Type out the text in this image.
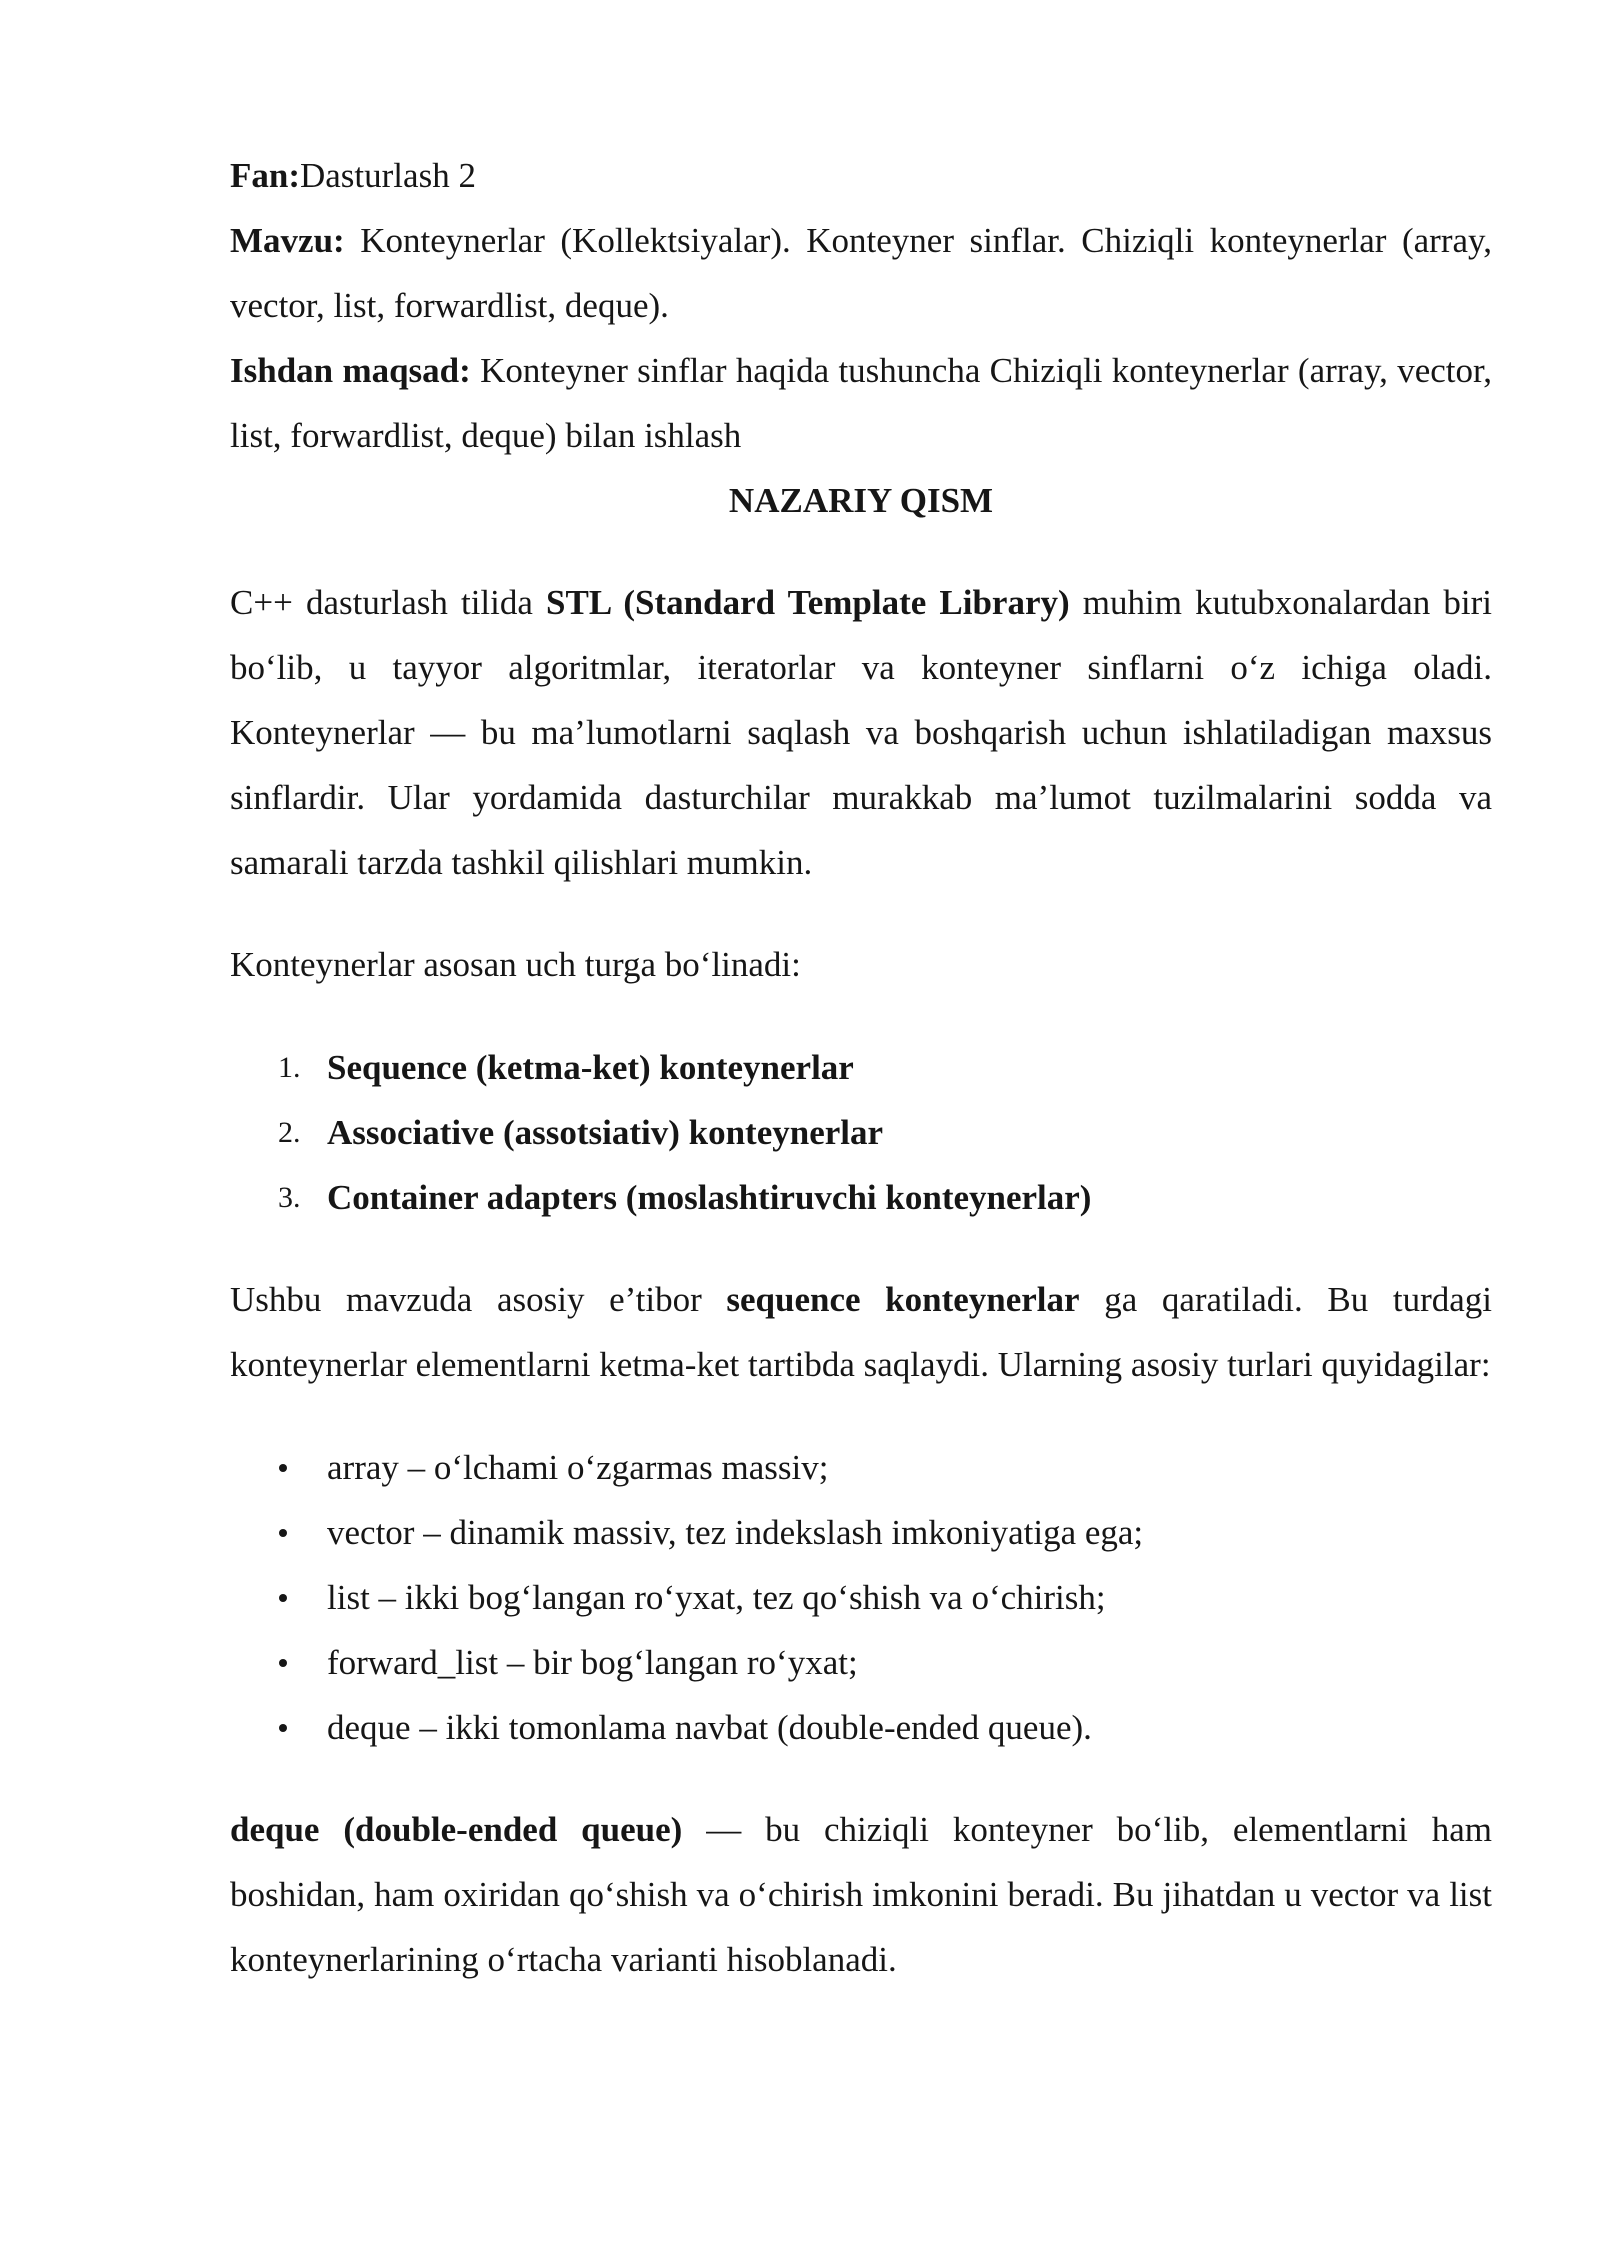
Fan:Dasturlash 2

Mavzu: Konteynerlar (Kollektsiyalar). Konteyner sinflar. Chiziqli konteynerlar (array, vector, list, forwardlist, deque).

Ishdan maqsad: Konteyner sinflar haqida tushuncha Chiziqli konteynerlar (array, vector, list, forwardlist, deque) bilan ishlash

NAZARIY QISM

C++ dasturlash tilida STL (Standard Template Library) muhim kutubxonalardan biri bo‘lib, u tayyor algoritmlar, iteratorlar va konteyner sinflarni o‘z ichiga oladi. Konteynerlar — bu ma’lumotlarni saqlash va boshqarish uchun ishlatiladigan maxsus sinflardir. Ular yordamida dasturchilar murakkab ma’lumot tuzilmalarini sodda va samarali tarzda tashkil qilishlari mumkin.

Konteynerlar asosan uch turga bo‘linadi:

1. Sequence (ketma-ket) konteynerlar
2. Associative (assotsiativ) konteynerlar
3. Container adapters (moslashtiruvchi konteynerlar)

Ushbu mavzuda asosiy e’tibor sequence konteynerlar ga qaratiladi. Bu turdagi konteynerlar elementlarni ketma-ket tartibda saqlaydi. Ularning asosiy turlari quyidagilar:

array – o‘lchami o‘zgarmas massiv;
vector – dinamik massiv, tez indekslash imkoniyatiga ega;
list – ikki bog‘langan ro‘yxat, tez qo‘shish va o‘chirish;
forward_list – bir bog‘langan ro‘yxat;
deque – ikki tomonlama navbat (double-ended queue).

deque (double-ended queue) — bu chiziqli konteyner bo‘lib, elementlarni ham boshidan, ham oxiridan qo‘shish va o‘chirish imkonini beradi. Bu jihatdan u vector va list konteynerlarining o‘rtacha varianti hisoblanadi.
